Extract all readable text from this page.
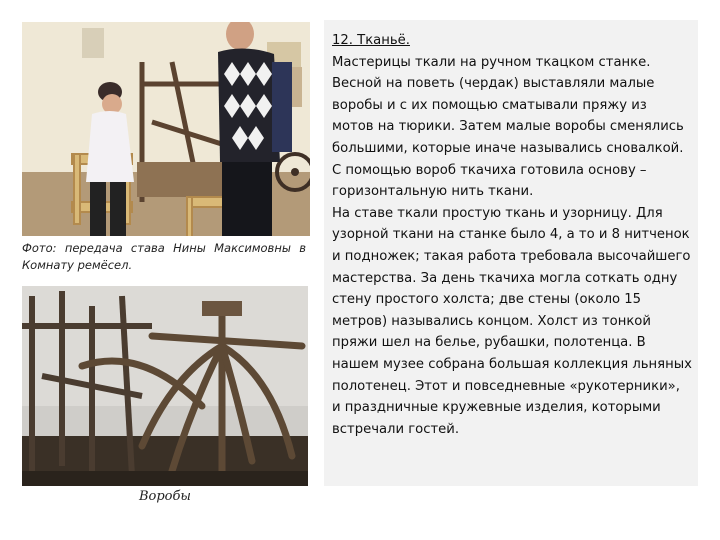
Фото: передача става Нины Максимовны в Комнату ремёсел.
Воробы

12. Тканьё.

Мастерицы ткали на ручном ткацком станке. Весной на поветь (чердак) выставляли малые воробы и с их помощью сматывали пряжу из мотов на тюрики. Затем малые воробы сменялись большими, которые иначе назывались сновалкой. С помощью вороб ткачиха готовила основу – горизонтальную нить ткани.

На ставе ткали простую ткань и узорницу. Для узорной ткани на станке было 4, а то и 8 нитченок и подножек; такая работа требовала высочайшего мастерства. За день ткачиха могла соткать одну стену простого холста; две стены (около 15 метров) назывались концом. Холст из тонкой пряжи шел на белье, рубашки, полотенца. В нашем музее собрана большая коллекция льняных полотенец. Этот и повседневные «рукотерники», и праздничные кружевные изделия, которыми встречали гостей.
